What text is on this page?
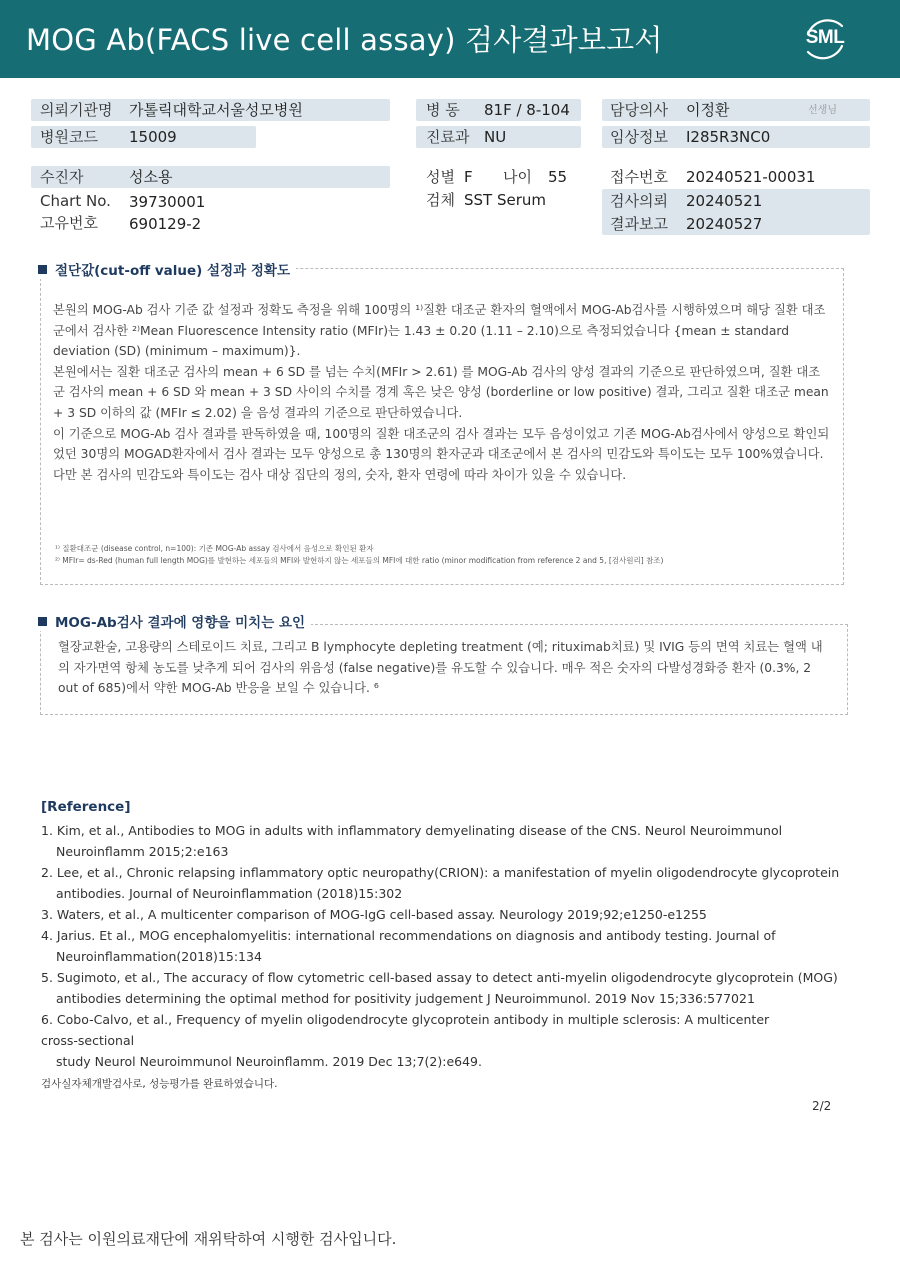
MOG Ab(FACS live cell assay) 검사결과보고서	SML
의뢰기관명 가톨릭대학교서울성모병원
병원코드 15009
병 동 81F / 8-104
진료과 NU
담당의사 이정환	선생님
임상정보 I285R3NC0
수진자	성소용
Chart No. 39730001
고유번호 690129-2
성별 F 나이 55
검체 SST Serum
접수번호 20240521-00031
검사의뢰 20240521
결과보고 20240527
절단값(cut-off value) 설정과 정확도

본원의 MOG-Ab 검사 기준 값 설정과 정확도 측정을 위해 100명의 ¹⁾질환 대조군 환자의 혈액에서 MOG-Ab검사를 시행하였으며 해당 질환 대조군에서 검사한 ²⁾Mean Fluorescence Intensity ratio (MFIr)는 1.43 ± 0.20 (1.11 – 2.10)으로 측정되었습니다 {mean ± standard deviation (SD) (minimum – maximum)}.

본원에서는 질환 대조군 검사의 mean + 6 SD 를 넘는 수치(MFIr > 2.61) 를 MOG-Ab 검사의 양성 결과의 기준으로 판단하였으며, 질환 대조군 검사의 mean + 6 SD 와 mean + 3 SD 사이의 수치를 경계 혹은 낮은 양성 (borderline or low positive) 결과, 그리고 질환 대조군 mean + 3 SD 이하의 값 (MFIr ≤ 2.02) 을 음성 결과의 기준으로 판단하였습니다.

이 기준으로 MOG-Ab 검사 결과를 판독하였을 때, 100명의 질환 대조군의 검사 결과는 모두 음성이었고 기존 MOG-Ab검사에서 양성으로 확인되었던 30명의 MOGAD환자에서 검사 결과는 모두 양성으로 총 130명의 환자군과 대조군에서 본 검사의 민감도와 특이도는 모두 100%였습니다. 다만 본 검사의 민감도와 특이도는 검사 대상 집단의 정의, 숫자, 환자 연령에 따라 차이가 있을 수 있습니다.

¹⁾ 질환대조군 (disease control, n=100): 기존 MOG-Ab assay 검사에서 음성으로 확인된 환자
²⁾ MFIr= ds-Red (human full length MOG)를 발현하는 세포들의 MFI와 발현하지 않는 세포들의 MFI에 대한 ratio (minor modification from reference 2 and 5, [검사원리] 참조)
MOG-Ab검사 결과에 영향을 미치는 요인
혈장교환술, 고용량의 스테로이드 치료, 그리고 B lymphocyte depleting treatment (예; rituximab치료) 및 IVIG 등의 면역 치료는 혈액 내의 자가면역 항체 농도를 낮추게 되어 검사의 위음성 (false negative)를 유도할 수 있습니다. 매우 적은 숫자의 다발성경화증 환자 (0.3%, 2 out of 685)에서 약한 MOG-Ab 반응을 보일 수 있습니다. ⁶
[Reference]
1. Kim, et al., Antibodies to MOG in adults with inflammatory demyelinating disease of the CNS. Neurol Neuroimmunol
Neuroinflamm 2015;2:e163
2. Lee, et al., Chronic relapsing inflammatory optic neuropathy(CRION): a manifestation of myelin oligodendrocyte glycoprotein
antibodies. Journal of Neuroinflammation (2018)15:302
3. Waters, et al., A multicenter comparison of MOG-IgG cell-based assay. Neurology 2019;92;e1250-e1255
4. Jarius. Et al., MOG encephalomyelitis: international recommendations on diagnosis and antibody testing. Journal of
Neuroinflammation(2018)15:134
5. Sugimoto, et al., The accuracy of flow cytometric cell-based assay to detect anti-myelin oligodendrocyte glycoprotein (MOG)
antibodies determining the optimal method for positivity judgement J Neuroimmunol. 2019 Nov 15;336:577021
6. Cobo-Calvo, et al., Frequency of myelin oligodendrocyte glycoprotein antibody in multiple sclerosis: A multicenter
cross-sectional
study Neurol Neuroimmunol Neuroinflamm. 2019 Dec 13;7(2):e649.
검사실자체개발검사로, 성능평가를 완료하였습니다.
2/2
본 검사는 이원의료재단에 재위탁하여 시행한 검사입니다.
